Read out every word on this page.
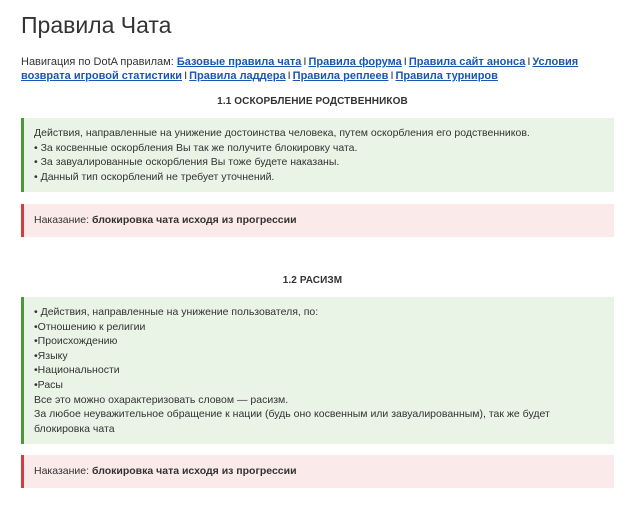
Правила Чата
Навигация по DotA правилам: Базовые правила чата I Правила форума I Правила сайт анонса I Условия возврата игровой статистики I Правила ладдера I Правила реплеев I Правила турниров
1.1 ОСКОРБЛЕНИЕ РОДСТВЕННИКОВ
Действия, направленные на унижение достоинства человека, путем оскорбления его родственников.
• За косвенные оскорбления Вы так же получите блокировку чата.
• За завуалированные оскорбления Вы тоже будете наказаны.
• Данный тип оскорблений не требует уточнений.
Наказание: блокировка чата исходя из прогрессии
1.2 РАСИЗМ
• Действия, направленные на унижение пользователя, по:
•Отношению к религии
•Происхождению
•Языку
•Национальности
•Расы
Все это можно охарактеризовать словом — расизм.
За любое неуважительное обращение к нации (будь оно косвенным или завуалированным), так же будет
блокировка чата
Наказание: блокировка чата исходя из прогрессии
